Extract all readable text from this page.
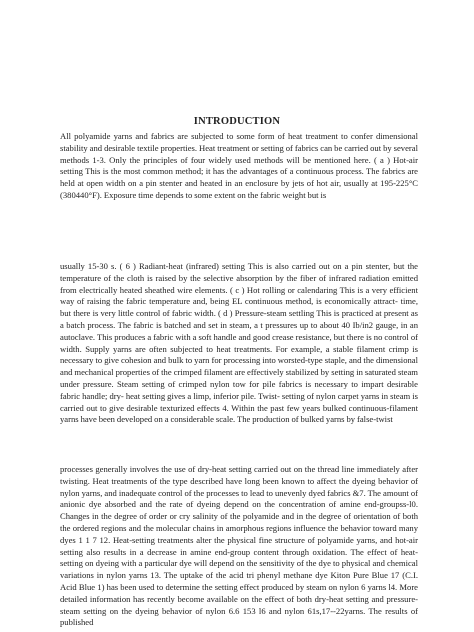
INTRODUCTION

All polyamide yarns and fabrics are subjected to some form of heat treatment to confer dimensional stability and desirable textile properties. Heat treatment or setting of fabrics can be carried out by several methods 1-3. Only the principles of four widely used methods will be mentioned here. ( a ) Hot-air setting This is the most common method; it has the advantages of a continuous process. The fabrics are held at open width on a pin stenter and heated in an enclosure by jets of hot air, usually at 195-225°C (380440°F). Exposure time depends to some extent on the fabric weight but is

usually 15-30 s. ( 6 ) Radiant-heat (infrared) setting This is also carried out on a pin stenter, but the temperature of the cloth is raised by the selective absorption by the fiber of infrared radiation emitted from electrically heated sheathed wire elements. ( c ) Hot rolling or calendaring This is a very efficient way of raising the fabric temperature and, being EL continuous method, is economically attract- time, but there is very little control of fabric width. ( d ) Pressure-steam settling This is practiced at present as a batch process. The fabric is batched and set in steam, a t pressures up to about 40 Ib/in2 gauge, in an autoclave. This produces a fabric with a soft handle and good crease resistance, but there is no control of width. Supply yarns are often subjected to heat treatments. For example, a stable filament crimp is necessary to give cohesion and bulk to yarn for processing into worsted-type staple, and the dimensional and mechanical properties of the crimped filament are effectively stabilized by setting in saturated steam under pressure. Steam setting of crimped nylon tow for pile fabrics is necessary to impart desirable fabric handle; dry- heat setting gives a limp, inferior pile. Twist- setting of nylon carpet yarns in steam is carried out to give desirable texturized effects 4. Within the past few years bulked continuous-filament yarns have been developed on a considerable scale. The production of bulked yarns by false-twist

processes generally involves the use of dry-heat setting carried out on the thread line immediately after twisting. Heat treatments of the type described have long been known to affect the dyeing behavior of nylon yarns, and inadequate control of the processes to lead to unevenly dyed fabrics &7. The amount of anionic dye absorbed and the rate of dyeing depend on the concentration of amine end-groupss-l0. Changes in the degree of order or cry salinity of the polyamide and in the degree of orientation of both the ordered regions and the molecular chains in amorphous regions influence the behavior toward many dyes 1 1 7 12. Heat-setting treatments alter the physical fine structure of polyamide yarns, and hot-air setting also results in a decrease in amine end-group content through oxidation. The effect of heat- setting on dyeing with a particular dye will depend on the sensitivity of the dye to physical and chemical variations in nylon yarns 13. The uptake of the acid tri phenyl methane dye Kiton Pure Blue 17 (C.I. Acid Blue 1) has been used to determine the setting effect produced by steam on nylon 6 yarns l4. More detailed information has recently become available on the effect of both dry-heat setting and pressure-steam setting on the dyeing behavior of nylon 6.6 153 l6 and nylon 61s,17--22yarns. The results of published
